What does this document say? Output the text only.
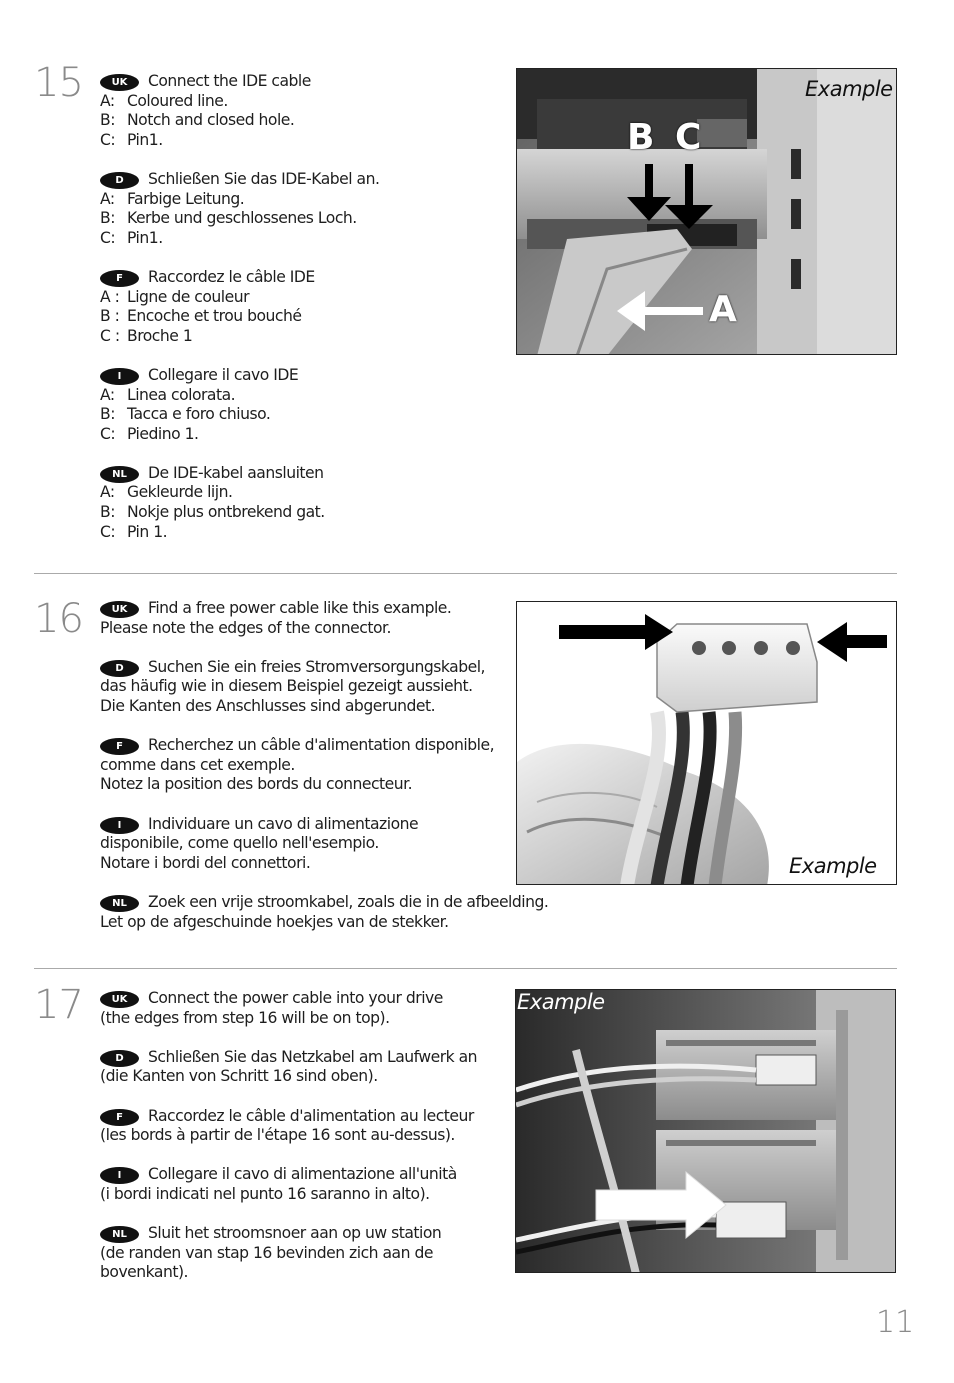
15	UK Connect the IDE cable
A: Coloured line.
B: Notch and closed hole.
C: Pin1.
D Schließen Sie das IDE-Kabel an.
A: Farbige Leitung.
B: Kerbe und geschlossenes Loch.
C: Pin1.
F Raccordez le câble IDE
A : Ligne de couleur
B : Encoche et trou bouché
C : Broche 1
I Collegare il cavo IDE
A: Linea colorata.
B: Tacca e foro chiuso.
C: Piedino 1.
NL De IDE-kabel aansluiten
A: Gekleurde lijn.
B: Nokje plus ontbrekend gat.
C: Pin 1.
B C
A
Example
16	UK Find a free power cable like this example.
Please note the edges of the connector.
D Suchen Sie ein freies Stromversorgungskabel,
das häufig wie in diesem Beispiel gezeigt aussieht.
Die Kanten des Anschlusses sind abgerundet.
F Recherchez un câble d'alimentation disponible,
comme dans cet exemple.
Notez la position des bords du connecteur.
I Individuare un cavo di alimentazione
disponibile, come quello nell'esempio.
Notare i bordi del connettori.
NL Zoek een vrije stroomkabel, zoals die in de afbeelding.
Let op de afgeschuinde hoekjes van de stekker.
Example
17	UK Connect the power cable into your drive
(the edges from step 16 will be on top).
D Schließen Sie das Netzkabel am Laufwerk an
(die Kanten von Schritt 16 sind oben).
F Raccordez le câble d'alimentation au lecteur
(les bords à partir de l'étape 16 sont au-dessus).
I Collegare il cavo di alimentazione all'unità
(i bordi indicati nel punto 16 saranno in alto).
NL Sluit het stroomsnoer aan op uw station
(de randen van stap 16 bevinden zich aan de
bovenkant).
Example
11
